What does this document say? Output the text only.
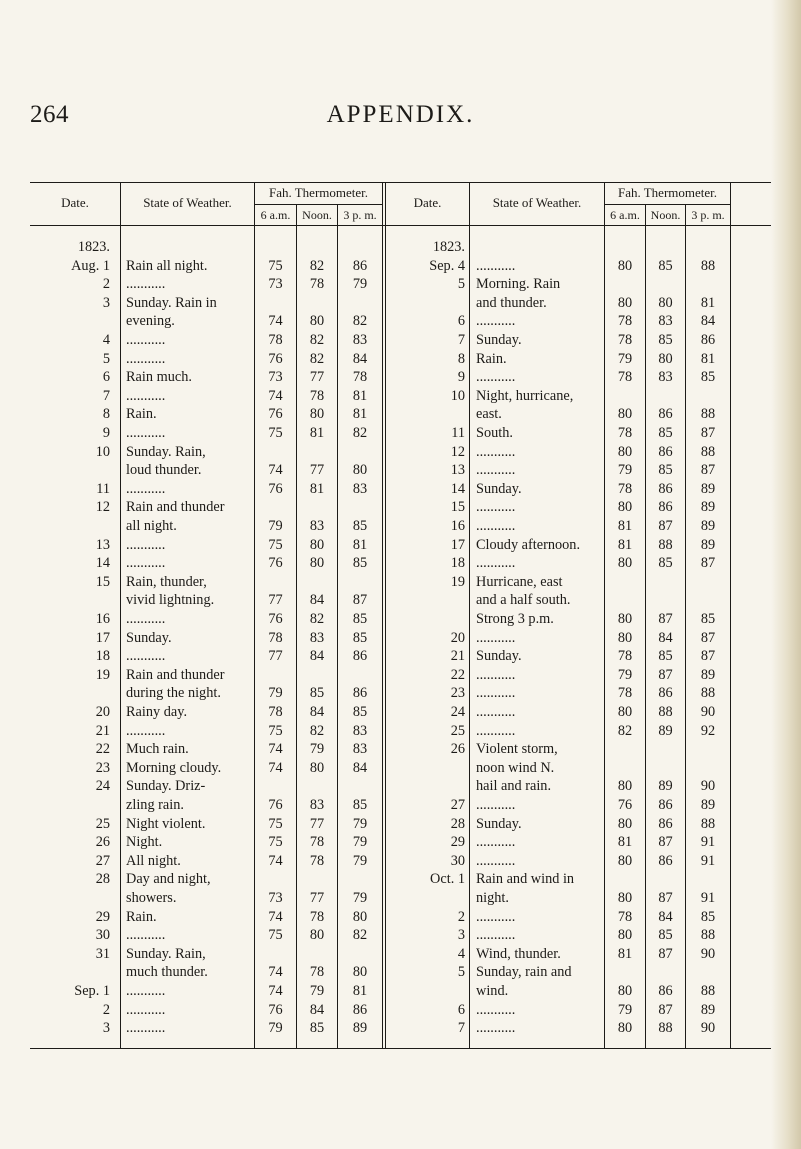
264	APPENDIX.
Date.	State of Weather.
Fah. Thermometer.
6 a.m. Noon. 3 p. m.
Date.	State of Weather.
Fah. Thermometer.
6 a.m. Noon. 3 p. m.
1823.
Aug. 1 Rain all night.	75	82	86
2 ...........	73	78	79
3 Sunday. Rain in
evening.	74	80	82
4 ...........	78	82	83
5 ...........	76	82	84
6 Rain much.	73	77	78
7 ...........	74	78	81
8 Rain.	76	80	81
9 ...........	75	81	82
10 Sunday. Rain,
loud thunder.	74	77	80
11 ...........	76	81	83
12 Rain and thunder
all night.	79	83	85
13 ...........	75	80	81
14 ...........	76	80	85
15 Rain, thunder,
vivid lightning.	77	84	87
16 ...........	76	82	85
17 Sunday.	78	83	85
18 ...........	77	84	86
19 Rain and thunder
during the night.	79	85	86
20 Rainy day.	78	84	85
21 ...........	75	82	83
22 Much rain.	74	79	83
23 Morning cloudy.	74	80	84
24 Sunday. Driz-
zling rain.	76	83	85
25 Night violent.	75	77	79
26 Night.	75	78	79
27 All night.	74	78	79
28 Day and night,
showers.	73	77	79
29 Rain.	74	78	80
30 ...........	75	80	82
31 Sunday. Rain,
much thunder.	74	78	80
Sep. 1 ...........	74	79	81
2 ...........	76	84	86
3 ...........	79	85	89
1823.
Sep. 4 ...........	80	85	88
5 Morning. Rain
and thunder.	80	80	81
6 ...........	78	83	84
7 Sunday.	78	85	86
8 Rain.	79	80	81
9 ...........	78	83	85
10 Night, hurricane,
east.	80	86	88
11 South.	78	85	87
12 ...........	80	86	88
13 ...........	79	85	87
14 Sunday.	78	86	89
15 ...........	80	86	89
16 ...........	81	87	89
17 Cloudy afternoon.	81	88	89
18 ...........	80	85	87
19 Hurricane, east
and a half south.
Strong 3 p.m.	80	87	85
20 ...........	80	84	87
21 Sunday.	78	85	87
22 ...........	79	87	89
23 ...........	78	86	88
24 ...........	80	88	90
25 ...........	82	89	92
26 Violent storm,
noon wind N.
hail and rain.	80	89	90
27 ...........	76	86	89
28 Sunday.	80	86	88
29 ...........	81	87	91
30 ...........	80	86	91
Oct. 1 Rain and wind in
night.	80	87	91
2 ...........	78	84	85
3 ...........	80	85	88
4 Wind, thunder.	81	87	90
5 Sunday, rain and
wind.	80	86	88
6 ...........	79	87	89
7 ...........	80	88	90
